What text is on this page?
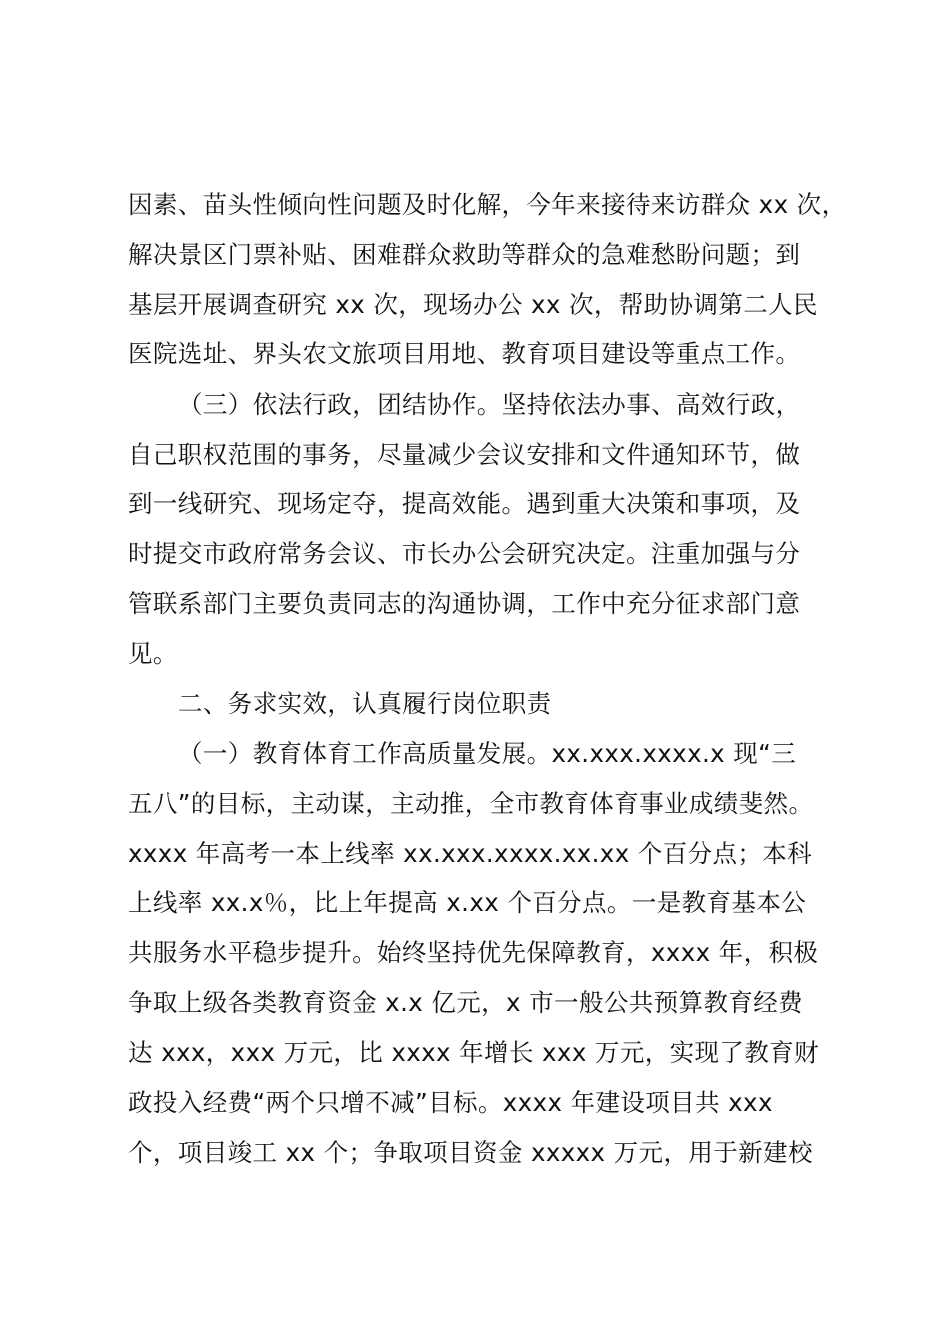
因素、苗头性倾向性问题及时化解，今年来接待来访群众 xx 次，
解决景区门票补贴、困难群众救助等群众的急难愁盼问题；到
基层开展调查研究 xx 次，现场办公 xx 次，帮助协调第二人民
医院选址、界头农文旅项目用地、教育项目建设等重点工作。
（三）依法行政，团结协作。坚持依法办事、高效行政，
自己职权范围的事务，尽量减少会议安排和文件通知环节，做
到一线研究、现场定夺，提高效能。遇到重大决策和事项，及
时提交市政府常务会议、市长办公会研究决定。注重加强与分
管联系部门主要负责同志的沟通协调，工作中充分征求部门意
见。
二、务求实效，认真履行岗位职责
（一）教育体育工作高质量发展。xx.xxx.xxxx.x 现“三
五八”的目标，主动谋，主动推，全市教育体育事业成绩斐然。
xxxx 年高考一本上线率 xx.xxx.xxxx.xx.xx 个百分点；本科
上线率 xx.x％，比上年提高 x.xx 个百分点。一是教育基本公
共服务水平稳步提升。始终坚持优先保障教育，xxxx 年，积极
争取上级各类教育资金 x.x 亿元，x 市一般公共预算教育经费
达 xxx，xxx 万元，比 xxxx 年增长 xxx 万元，实现了教育财
政投入经费“两个只增不减”目标。xxxx 年建设项目共 xxx
个，项目竣工 xx 个；争取项目资金 xxxxx 万元，用于新建校
